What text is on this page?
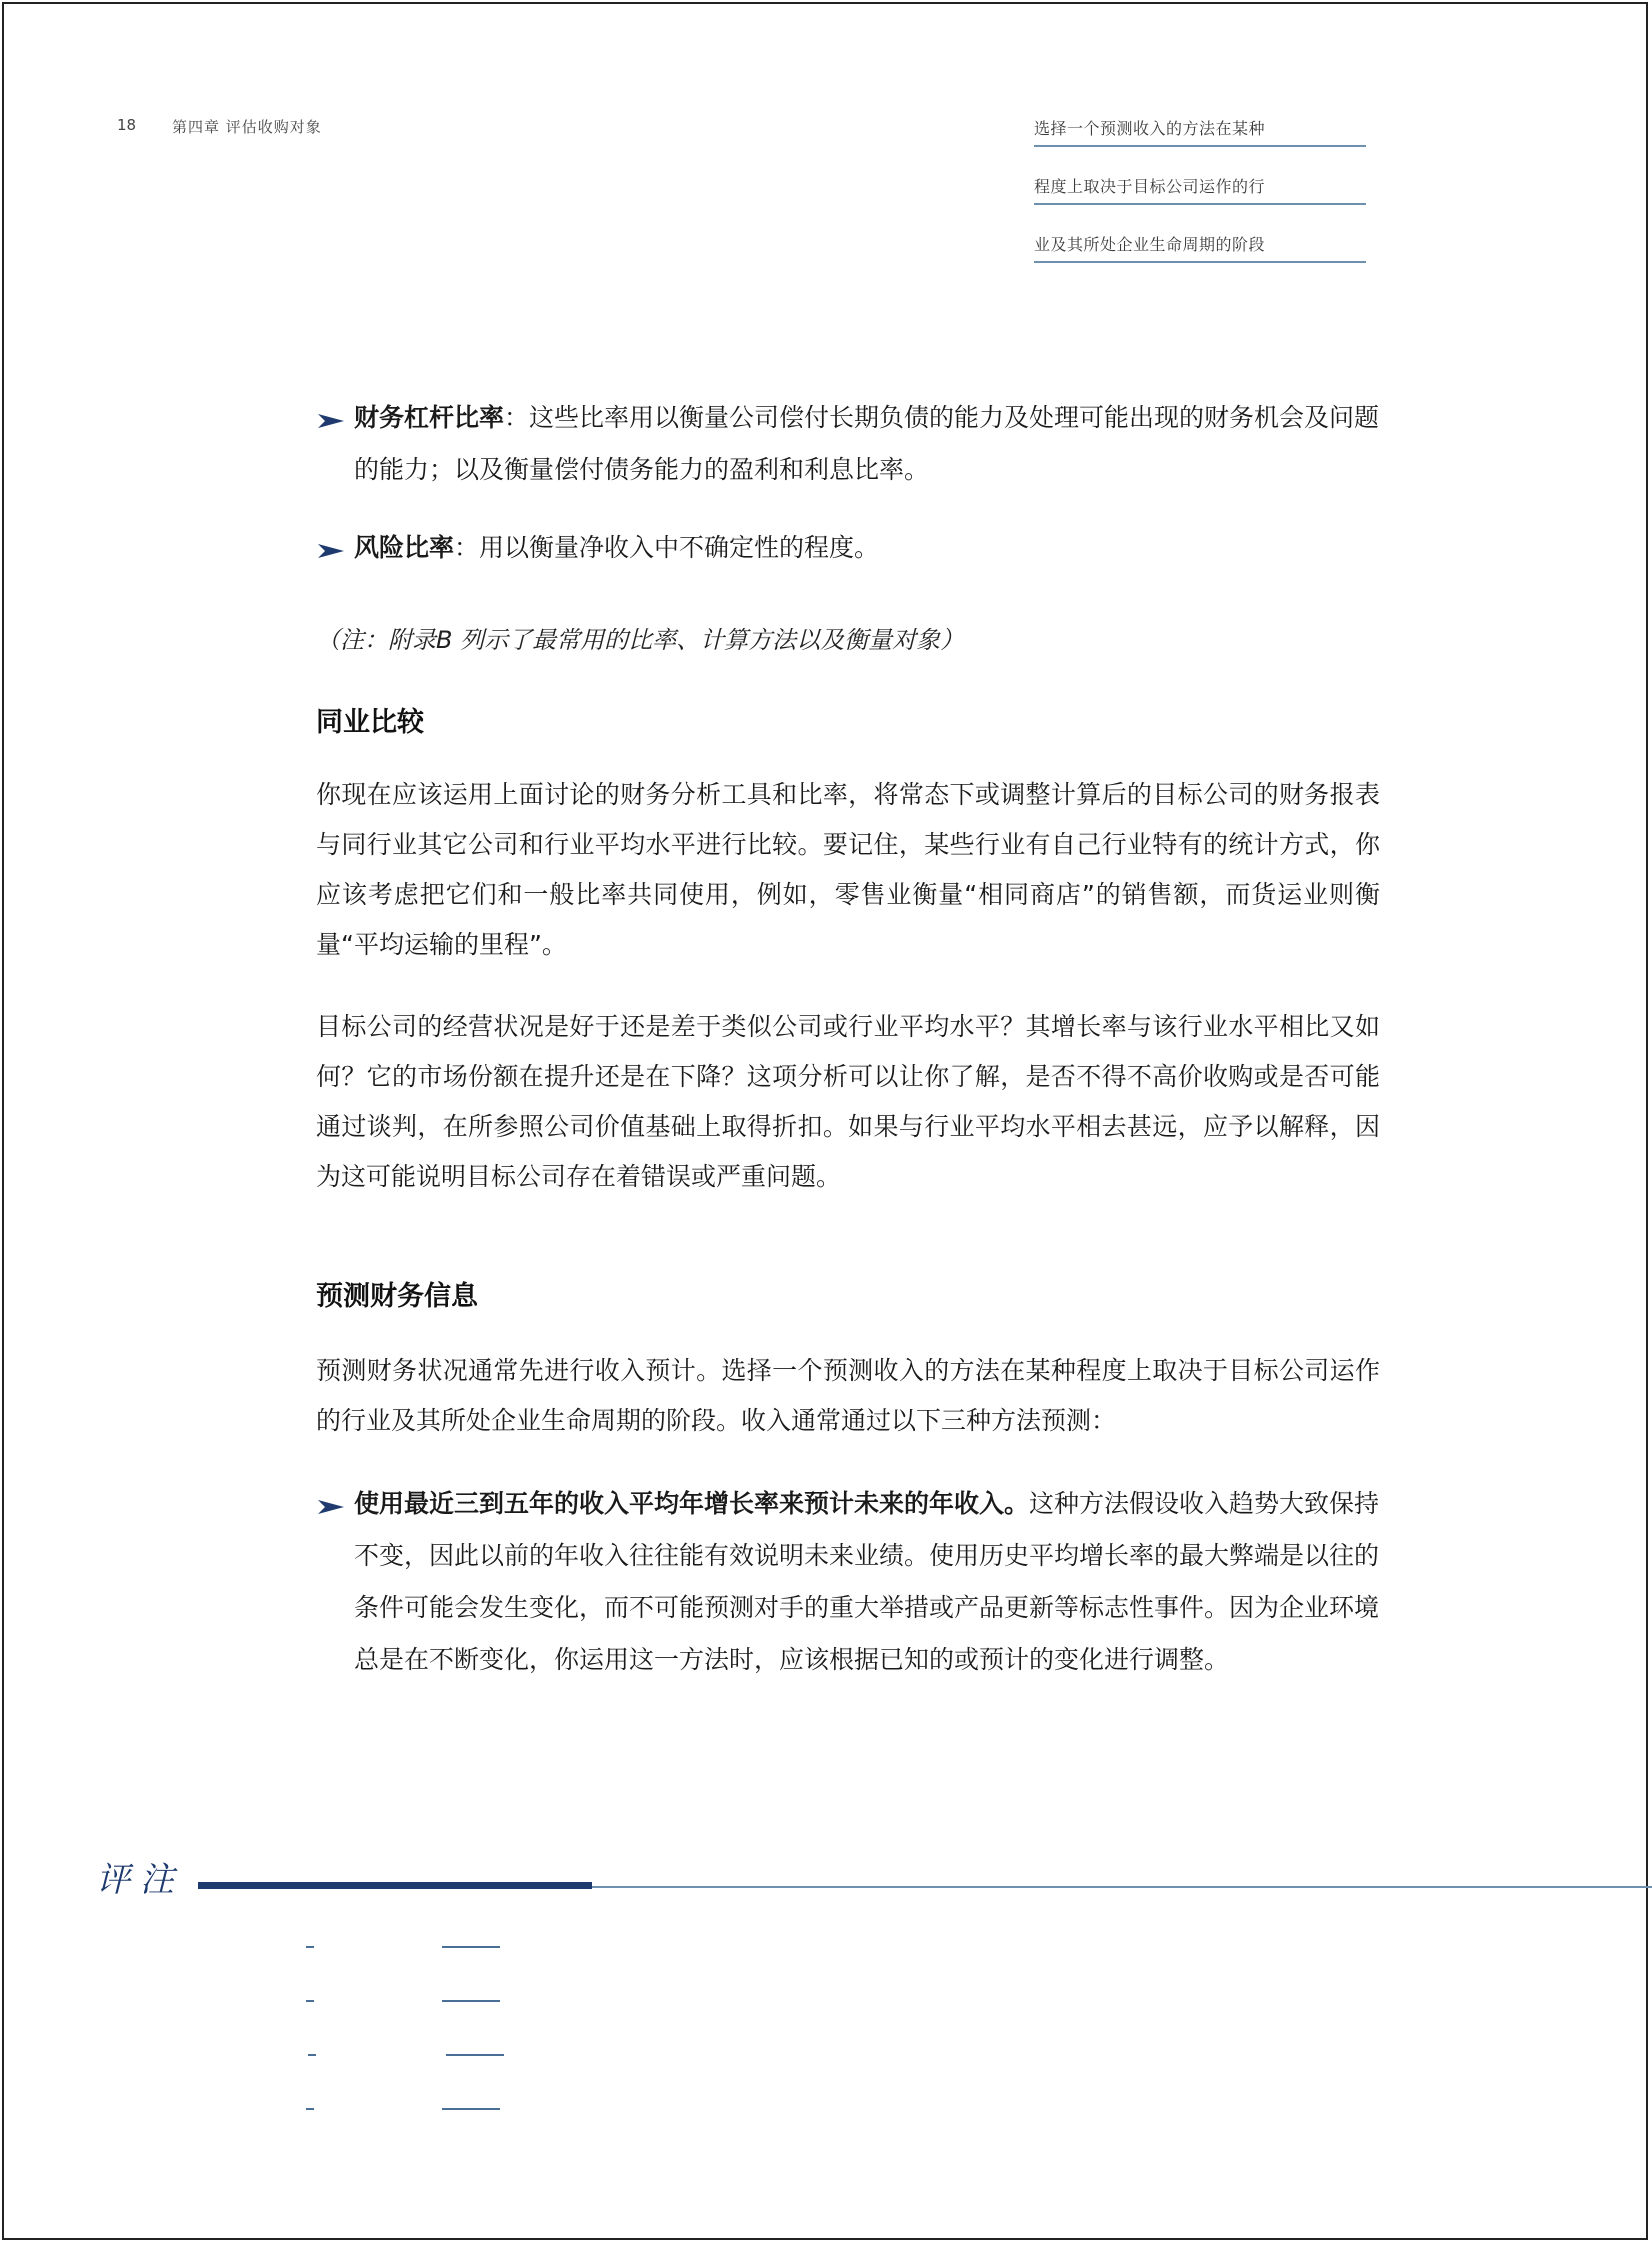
18 第四章 评估收购对象	选择一个预测收入的方法在某种
程度上取决于目标公司运作的行
业及其所处企业生命周期的阶段
财务杠杆比率：这些比率用以衡量公司偿付长期负债的能力及处理可能出现的财务机会及问题的能力；以及衡量偿付债务能力的盈利和利息比率。
风险比率：用以衡量净收入中不确定性的程度。
（注：附录B 列示了最常用的比率、计算方法以及衡量对象）
同业比较

你现在应该运用上面讨论的财务分析工具和比率，将常态下或调整计算后的目标公司的财务报表与同行业其它公司和行业平均水平进行比较。要记住，某些行业有自己行业特有的统计方式，你应该考虑把它们和一般比率共同使用，例如，零售业衡量“相同商店”的销售额，而货运业则衡量“平均运输的里程”。

目标公司的经营状况是好于还是差于类似公司或行业平均水平？其增长率与该行业水平相比又如何？它的市场份额在提升还是在下降？这项分析可以让你了解，是否不得不高价收购或是否可能通过谈判，在所参照公司价值基础上取得折扣。如果与行业平均水平相去甚远，应予以解释，因为这可能说明目标公司存在着错误或严重问题。

预测财务信息

预测财务状况通常先进行收入预计。选择一个预测收入的方法在某种程度上取决于目标公司运作的行业及其所处企业生命周期的阶段。收入通常通过以下三种方法预测：

使用最近三到五年的收入平均年增长率来预计未来的年收入。这种方法假设收入趋势大致保持不变，因此以前的年收入往往能有效说明未来业绩。使用历史平均增长率的最大弊端是以往的条件可能会发生变化，而不可能预测对手的重大举措或产品更新等标志性事件。因为企业环境总是在不断变化，你运用这一方法时，应该根据已知的或预计的变化进行调整。
评注
